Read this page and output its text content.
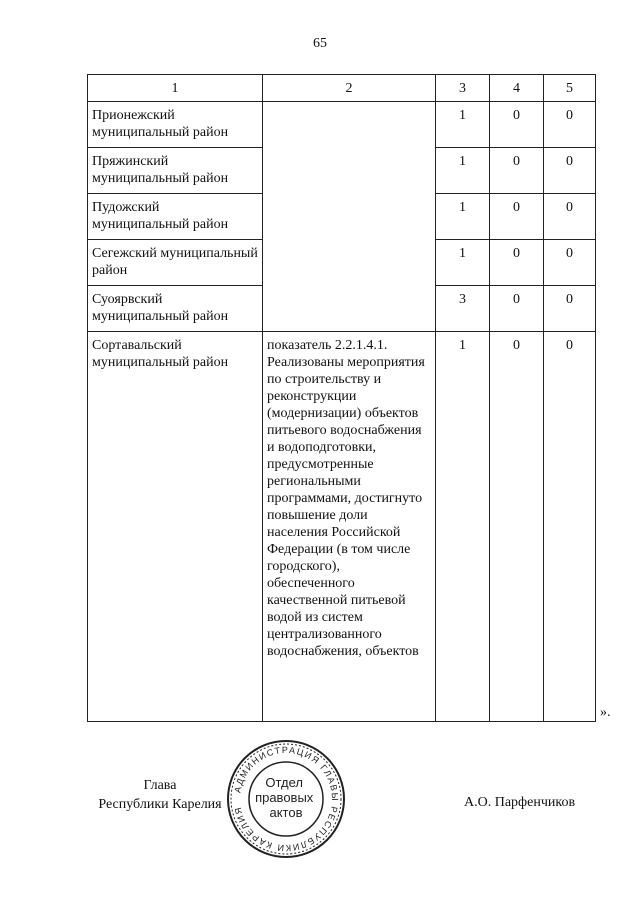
65
1	2	3	4	5
Прионежский муниципальный район		1	0	0
Пряжинский муниципальный район		1	0	0
Пудожский муниципальный район		1	0	0
Сегежский муниципальный район		1	0	0
Суоярвский муниципальный район		3	0	0
Сортавальский муниципальный район	показатель 2.2.1.4.1. Реализованы мероприятия по строительству и реконструкции (модернизации) объектов питьевого водоснабжения и водоподготовки, предусмотренные региональными программами, достигнуто повышение доли населения Российской Федерации (в том числе городского), обеспеченного качественной питьевой водой из систем централизованного водоснабжения, объектов	1	0	0
».
Глава
Республики Карелия
АДМИНИСТРАЦИЯ ГЛАВЫ РЕСПУБЛИКИ КАРЕЛИЯ
Отдел правовых актов
А.О. Парфенчиков
